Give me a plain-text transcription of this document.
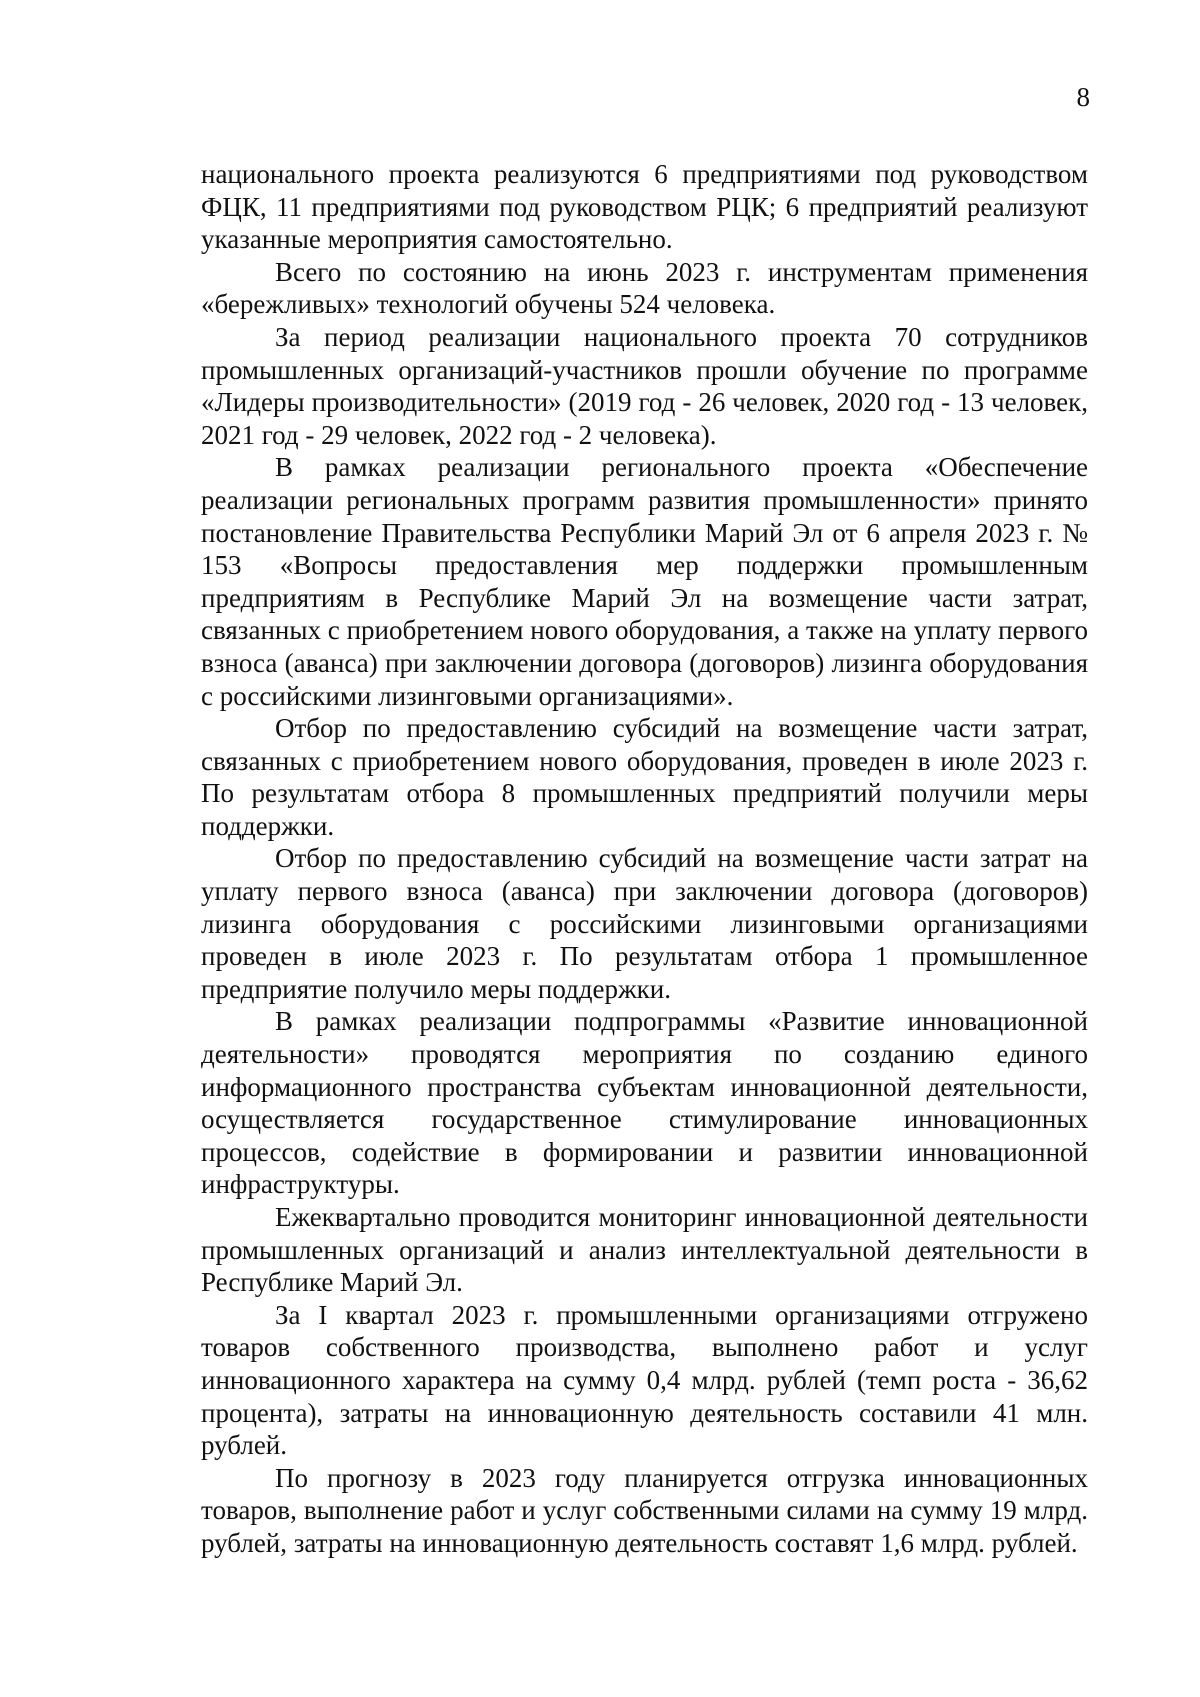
8

национального проекта реализуются 6 предприятиями под руководством ФЦК, 11 предприятиями под руководством РЦК; 6 предприятий реализуют указанные мероприятия самостоятельно.

Всего по состоянию на июнь 2023 г. инструментам применения «бережливых» технологий обучены 524 человека.

За период реализации национального проекта 70 сотрудников промышленных организаций-участников прошли обучение по программе «Лидеры производительности» (2019 год - 26 человек, 2020 год - 13 человек, 2021 год - 29 человек, 2022 год - 2 человека).

В рамках реализации регионального проекта «Обеспечение реализации региональных программ развития промышленности» принято постановление Правительства Республики Марий Эл от 6 апреля 2023 г. № 153 «Вопросы предоставления мер поддержки промышленным предприятиям в Республике Марий Эл на возмещение части затрат, связанных с приобретением нового оборудования, а также на уплату первого взноса (аванса) при заключении договора (договоров) лизинга оборудования с российскими лизинговыми организациями».

Отбор по предоставлению субсидий на возмещение части затрат, связанных с приобретением нового оборудования, проведен в июле 2023 г. По результатам отбора 8 промышленных предприятий получили меры поддержки.

Отбор по предоставлению субсидий на возмещение части затрат на уплату первого взноса (аванса) при заключении договора (договоров) лизинга оборудования с российскими лизинговыми организациями проведен в июле 2023 г. По результатам отбора 1 промышленное предприятие получило меры поддержки.

В рамках реализации подпрограммы «Развитие инновационной деятельности» проводятся мероприятия по созданию единого информационного пространства субъектам инновационной деятельности, осуществляется государственное стимулирование инновационных процессов, содействие в формировании и развитии инновационной инфраструктуры.

Ежеквартально проводится мониторинг инновационной деятельности промышленных организаций и анализ интеллектуальной деятельности в Республике Марий Эл.

За I квартал 2023 г. промышленными организациями отгружено товаров собственного производства, выполнено работ и услуг инновационного характера на сумму 0,4 млрд. рублей (темп роста - 36,62 процента), затраты на инновационную деятельность составили 41 млн. рублей.

По прогнозу в 2023 году планируется отгрузка инновационных товаров, выполнение работ и услуг собственными силами на сумму 19 млрд. рублей, затраты на инновационную деятельность составят 1,6 млрд. рублей.
